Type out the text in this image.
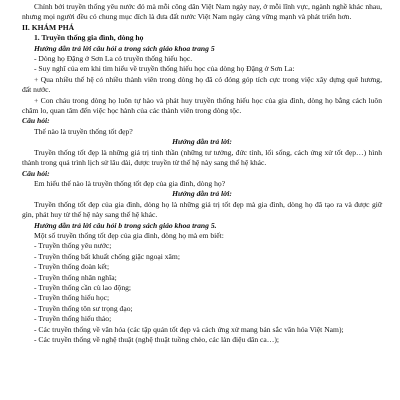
Chính bởi truyền thống yêu nước đó mà mỗi công dân Việt Nam ngày nay, ở mỗi lĩnh vực, ngành nghề khác nhau, nhưng mọi người đều có chung mục đích là đưa đất nước Việt Nam ngày càng vững mạnh và phát triển hơn.

II. KHÁM PHÁ

1. Truyền thống gia đình, dòng họ

Hướng dẫn trả lời câu hỏi a trong sách giáo khoa trang 5

- Dòng họ Đặng ở Sơn La có truyền thống hiếu học.

- Suy nghĩ của em khi tìm hiểu về truyền thống hiếu học của dòng họ Đặng ở Sơn La:

+ Qua nhiều thế hệ có nhiều thành viên trong dòng họ đã có đóng góp tích cực trong việc xây dựng quê hương, đất nước.

+ Con cháu trong dòng họ luôn tự hào và phát huy truyền thống hiếu học của gia đình, dòng họ bằng cách luôn chăm lo, quan tâm đến việc học hành của các thành viên trong dòng tộc.

Câu hỏi:

Thế nào là truyền thống tốt đẹp?

Hướng dẫn trả lời:

Truyền thống tốt đẹp là những giá trị tinh thần (những tư tưởng, đức tính, lối sống, cách ứng xử tốt đẹp…) hình thành trong quá trình lịch sử lâu dài, được truyền từ thế hệ này sang thế hệ khác.

Câu hỏi:

Em hiểu thế nào là truyền thống tốt đẹp của gia đình, dòng họ?

Hướng dẫn trả lời:

Truyền thống tốt đẹp của gia đình, dòng họ là những giá trị tốt đẹp mà gia đình, dòng họ đã tạo ra và được giữ gìn, phát huy từ thế hệ này sang thế hệ khác.

Hướng dẫn trả lời câu hỏi b trong sách giáo khoa trang 5.

Một số truyền thống tốt đẹp của gia đình, dòng họ mà em biết:

- Truyền thống yêu nước;

- Truyền thống bất khuất chống giặc ngoại xâm;

- Truyền thống đoàn kết;

- Truyền thống nhân nghĩa;

- Truyền thống cần cù lao động;

- Truyền thống hiếu học;

- Truyền thống tôn sư trọng đạo;

- Truyền thống hiếu thảo;

- Các truyền thống về văn hóa (các tập quán tốt đẹp và cách ứng xử mang bản sắc văn hóa Việt Nam);

- Các truyền thống về nghệ thuật (nghệ thuật tuồng chèo, các làn điệu dân ca…);
